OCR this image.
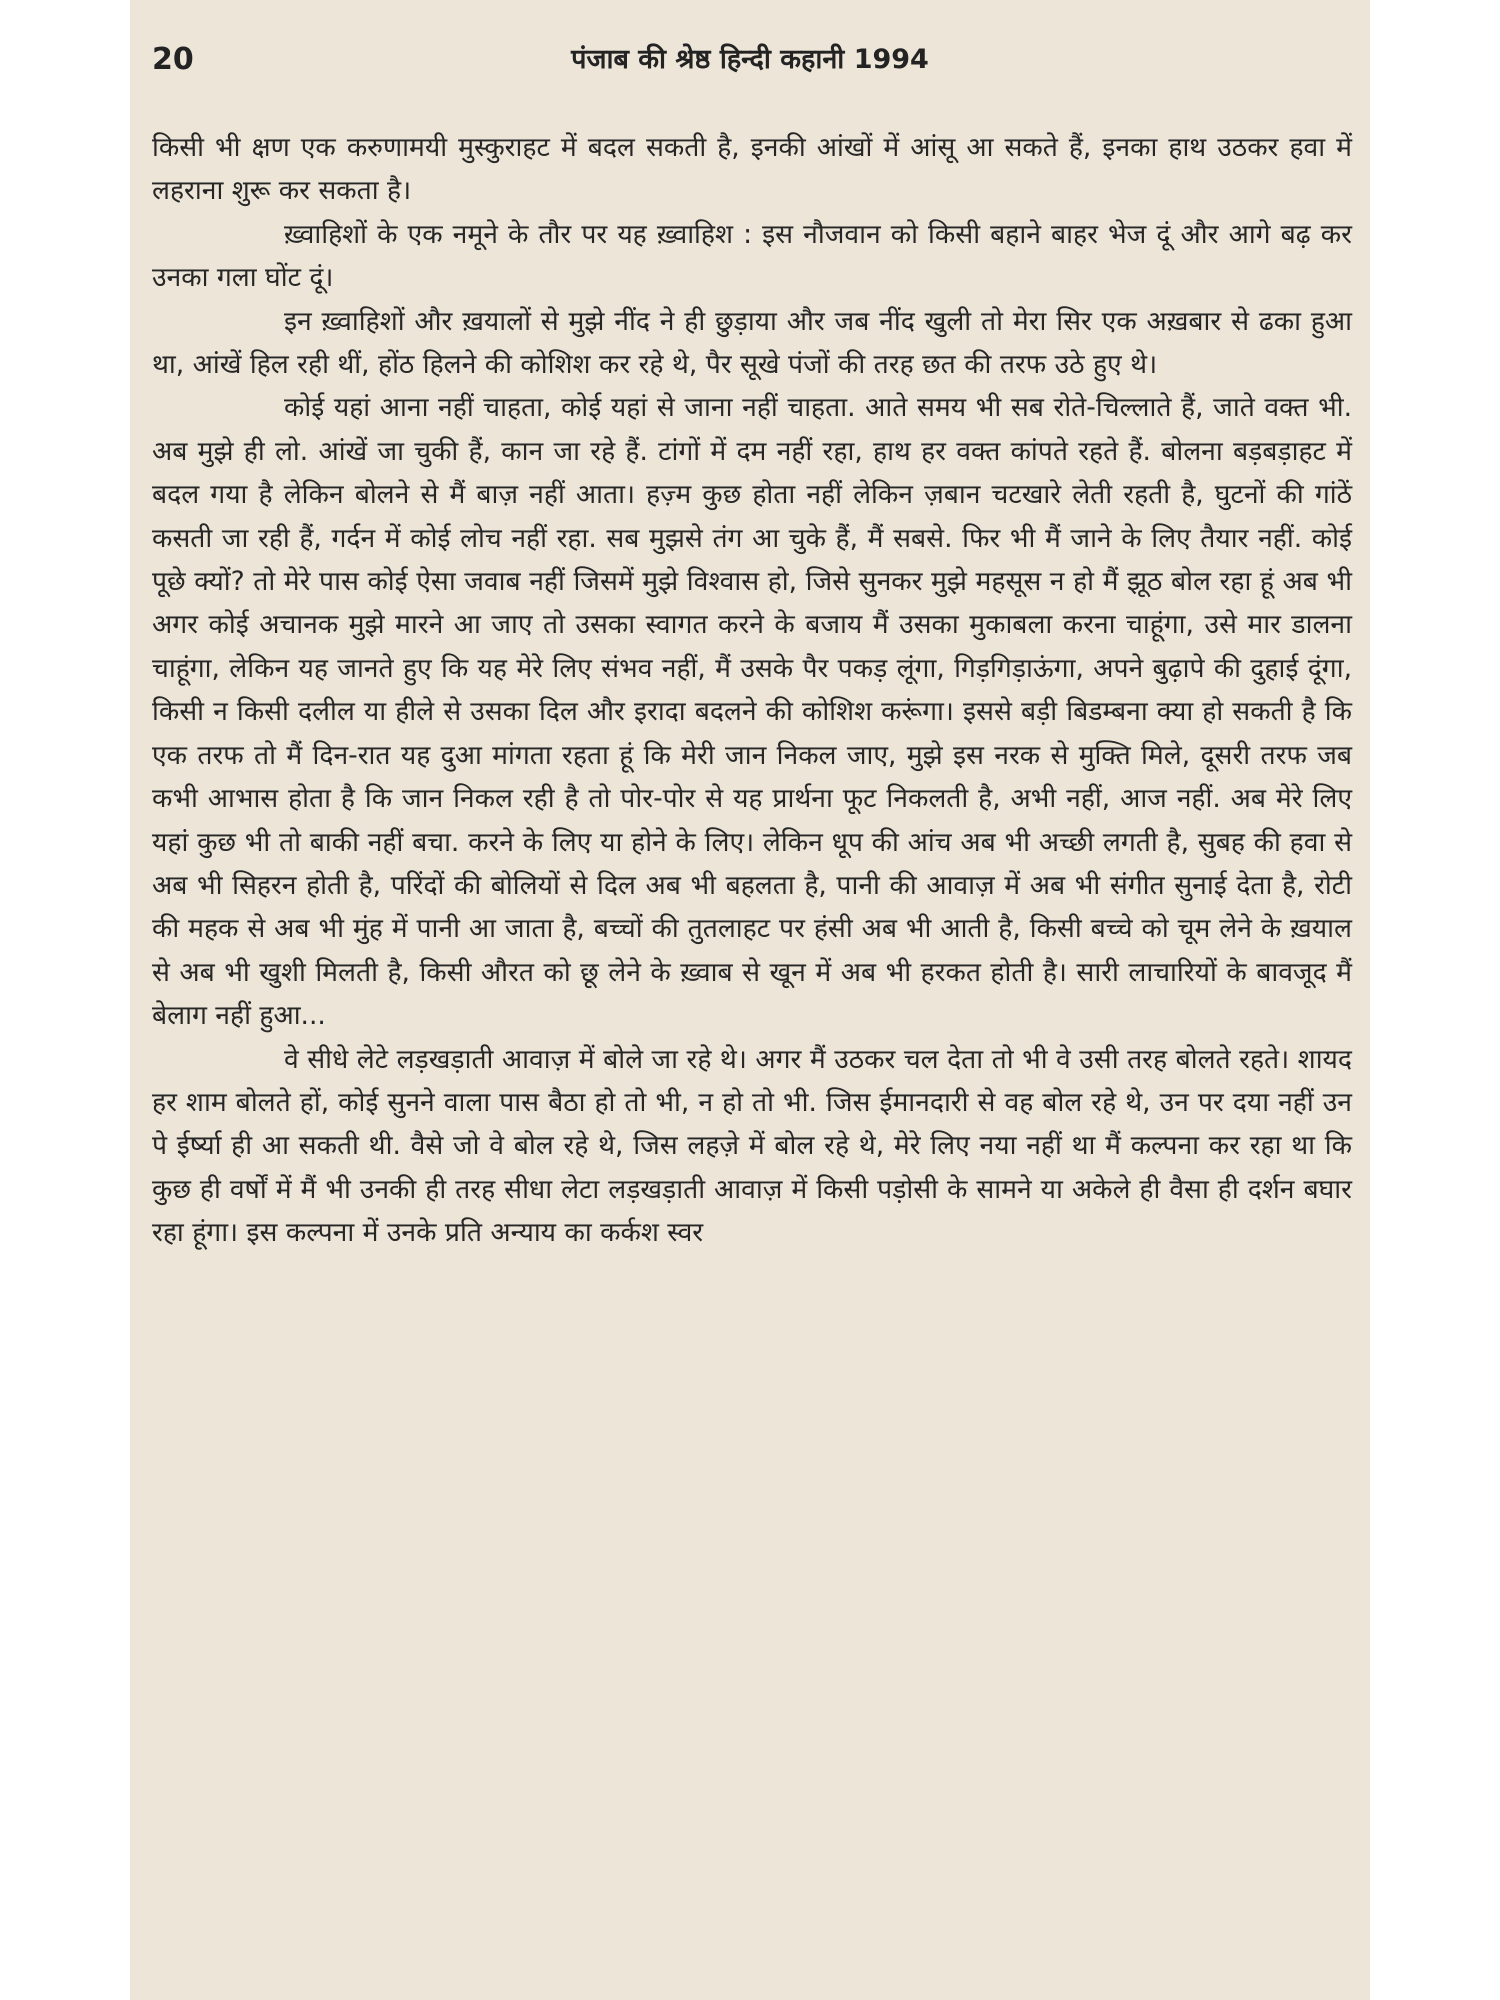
20	पंजाब की श्रेष्ठ हिन्दी कहानी 1994

किसी भी क्षण एक करुणामयी मुस्कुराहट में बदल सकती है, इनकी आंखों में आंसू आ सकते हैं, इनका हाथ उठकर हवा में लहराना शुरू कर सकता है।

ख़्वाहिशों के एक नमूने के तौर पर यह ख़्वाहिश : इस नौजवान को किसी बहाने बाहर भेज दूं और आगे बढ़ कर उनका गला घोंट दूं।

इन ख़्वाहिशों और ख़यालों से मुझे नींद ने ही छुड़ाया और जब नींद खुली तो मेरा सिर एक अख़बार से ढका हुआ था, आंखें हिल रही थीं, होंठ हिलने की कोशिश कर रहे थे, पैर सूखे पंजों की तरह छत की तरफ उठे हुए थे।

कोई यहां आना नहीं चाहता, कोई यहां से जाना नहीं चाहता. आते समय भी सब रोते-चिल्लाते हैं, जाते वक्त भी. अब मुझे ही लो. आंखें जा चुकी हैं, कान जा रहे हैं. टांगों में दम नहीं रहा, हाथ हर वक्त कांपते रहते हैं. बोलना बड़बड़ाहट में बदल गया है लेकिन बोलने से मैं बाज़ नहीं आता। हज़्म कुछ होता नहीं लेकिन ज़बान चटखारे लेती रहती है, घुटनों की गांठें कसती जा रही हैं, गर्दन में कोई लोच नहीं रहा. सब मुझसे तंग आ चुके हैं, मैं सबसे. फिर भी मैं जाने के लिए तैयार नहीं. कोई पूछे क्यों? तो मेरे पास कोई ऐसा जवाब नहीं जिसमें मुझे विश्वास हो, जिसे सुनकर मुझे महसूस न हो मैं झूठ बोल रहा हूं अब भी अगर कोई अचानक मुझे मारने आ जाए तो उसका स्वागत करने के बजाय मैं उसका मुकाबला करना चाहूंगा, उसे मार डालना चाहूंगा, लेकिन यह जानते हुए कि यह मेरे लिए संभव नहीं, मैं उसके पैर पकड़ लूंगा, गिड़गिड़ाऊंगा, अपने बुढ़ापे की दुहाई दूंगा, किसी न किसी दलील या हीले से उसका दिल और इरादा बदलने की कोशिश करूंगा। इससे बड़ी बिडम्बना क्या हो सकती है कि एक तरफ तो मैं दिन-रात यह दुआ मांगता रहता हूं कि मेरी जान निकल जाए, मुझे इस नरक से मुक्ति मिले, दूसरी तरफ जब कभी आभास होता है कि जान निकल रही है तो पोर-पोर से यह प्रार्थना फूट निकलती है, अभी नहीं, आज नहीं. अब मेरे लिए यहां कुछ भी तो बाकी नहीं बचा. करने के लिए या होने के लिए। लेकिन धूप की आंच अब भी अच्छी लगती है, सुबह की हवा से अब भी सिहरन होती है, परिंदों की बोलियों से दिल अब भी बहलता है, पानी की आवाज़ में अब भी संगीत सुनाई देता है, रोटी की महक से अब भी मुंह में पानी आ जाता है, बच्चों की तुतलाहट पर हंसी अब भी आती है, किसी बच्चे को चूम लेने के ख़याल से अब भी खुशी मिलती है, किसी औरत को छू लेने के ख़्वाब से खून में अब भी हरकत होती है। सारी लाचारियों के बावजूद मैं बेलाग नहीं हुआ...

वे सीधे लेटे लड़खड़ाती आवाज़ में बोले जा रहे थे। अगर मैं उठकर चल देता तो भी वे उसी तरह बोलते रहते। शायद हर शाम बोलते हों, कोई सुनने वाला पास बैठा हो तो भी, न हो तो भी. जिस ईमानदारी से वह बोल रहे थे, उन पर दया नहीं उन पे ईर्ष्या ही आ सकती थी. वैसे जो वे बोल रहे थे, जिस लहज़े में बोल रहे थे, मेरे लिए नया नहीं था मैं कल्पना कर रहा था कि कुछ ही वर्षों में मैं भी उनकी ही तरह सीधा लेटा लड़खड़ाती आवाज़ में किसी पड़ोसी के सामने या अकेले ही वैसा ही दर्शन बघार रहा हूंगा। इस कल्पना में उनके प्रति अन्याय का कर्कश स्वर
